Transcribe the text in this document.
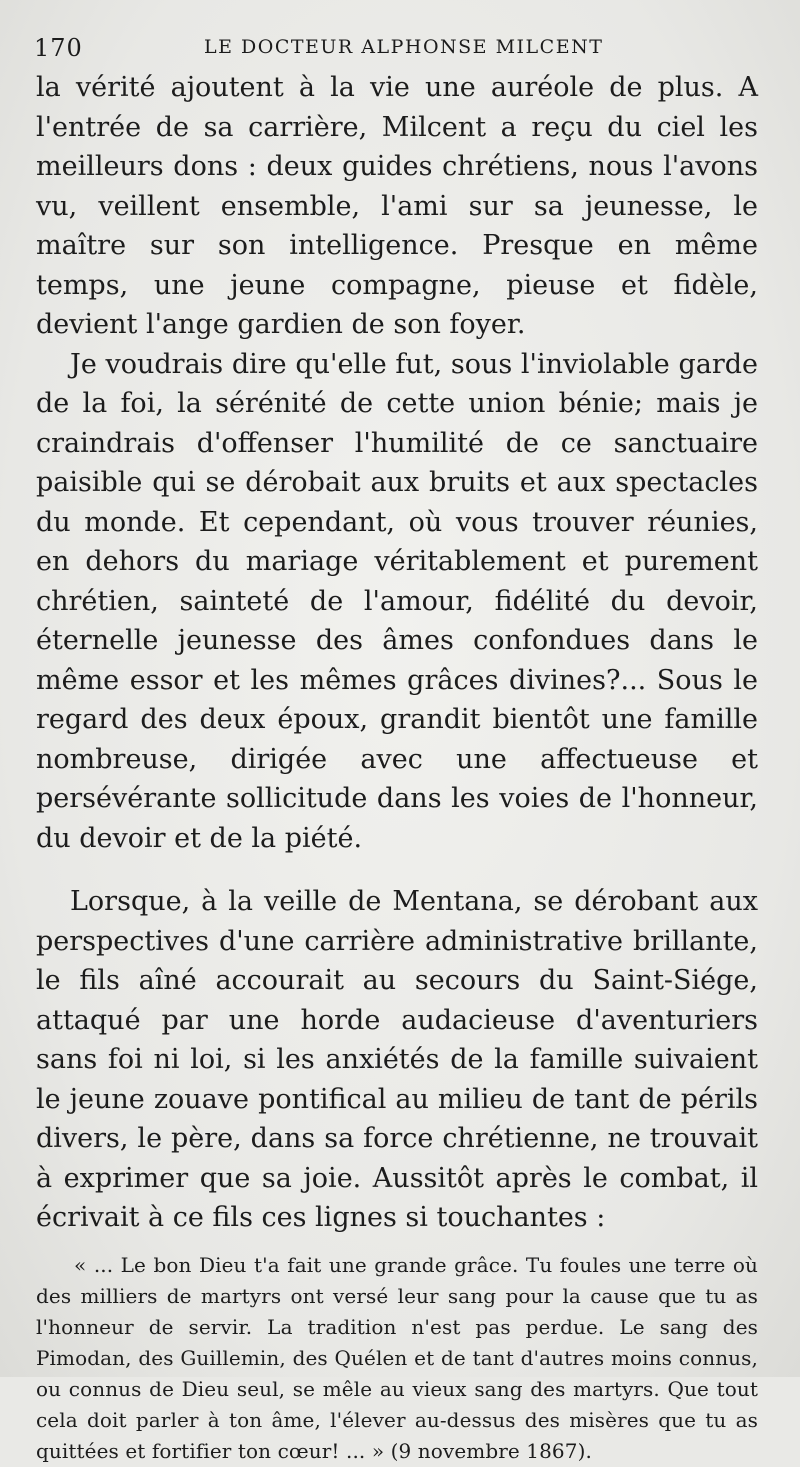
170	LE DOCTEUR ALPHONSE MILCENT

la vérité ajoutent à la vie une auréole de plus. A l'entrée de sa carrière, Milcent a reçu du ciel les meilleurs dons : deux guides chrétiens, nous l'avons vu, veillent ensemble, l'ami sur sa jeunesse, le maître sur son intelligence. Presque en même temps, une jeune compagne, pieuse et fidèle, devient l'ange gardien de son foyer.

Je voudrais dire qu'elle fut, sous l'inviolable garde de la foi, la sérénité de cette union bénie; mais je craindrais d'offenser l'humilité de ce sanctuaire paisible qui se dérobait aux bruits et aux spectacles du monde. Et cependant, où vous trouver réunies, en dehors du mariage véritablement et purement chrétien, sainteté de l'amour, fidélité du devoir, éternelle jeunesse des âmes confondues dans le même essor et les mêmes grâces divines?... Sous le regard des deux époux, grandit bientôt une famille nombreuse, dirigée avec une affectueuse et persévérante sollicitude dans les voies de l'honneur, du devoir et de la piété.

Lorsque, à la veille de Mentana, se dérobant aux perspectives d'une carrière administrative brillante, le fils aîné accourait au secours du Saint-Siége, attaqué par une horde audacieuse d'aventuriers sans foi ni loi, si les anxiétés de la famille suivaient le jeune zouave pontifical au milieu de tant de périls divers, le père, dans sa force chrétienne, ne trouvait à exprimer que sa joie. Aussitôt après le combat, il écrivait à ce fils ces lignes si touchantes :

« ... Le bon Dieu t'a fait une grande grâce. Tu foules une terre où des milliers de martyrs ont versé leur sang pour la cause que tu as l'honneur de servir. La tradition n'est pas perdue. Le sang des Pimodan, des Guillemin, des Quélen et de tant d'autres moins connus, ou connus de Dieu seul, se mêle au vieux sang des martyrs. Que tout cela doit parler à ton âme, l'élever au-dessus des misères que tu as quittées et fortifier ton cœur! ... » (9 novembre 1867).
